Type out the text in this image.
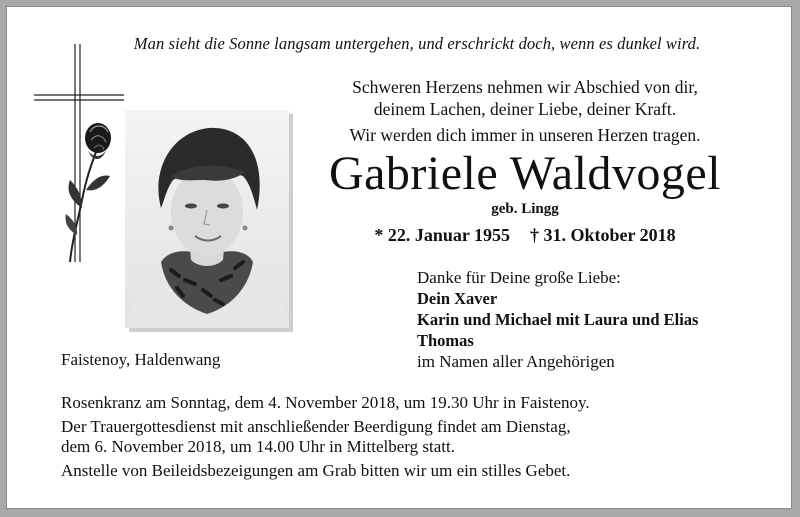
Man sieht die Sonne langsam untergehen, und erschrickt doch, wenn es dunkel wird.
Schweren Herzens nehmen wir Abschied von dir,
deinem Lachen, deiner Liebe, deiner Kraft.
Wir werden dich immer in unseren Herzen tragen.
Gabriele Waldvogel
geb. Lingg
* 22. Januar 1955 † 31. Oktober 2018
Danke für Deine große Liebe:
Dein Xaver
Karin und Michael mit Laura und Elias
Thomas
im Namen aller Angehörigen
Faistenoy, Haldenwang
Rosenkranz am Sonntag, dem 4. November 2018, um 19.30 Uhr in Faistenoy.
Der Trauergottesdienst mit anschließender Beerdigung findet am Dienstag,
dem 6. November 2018, um 14.00 Uhr in Mittelberg statt.
Anstelle von Beileidsbezeigungen am Grab bitten wir um ein stilles Gebet.
